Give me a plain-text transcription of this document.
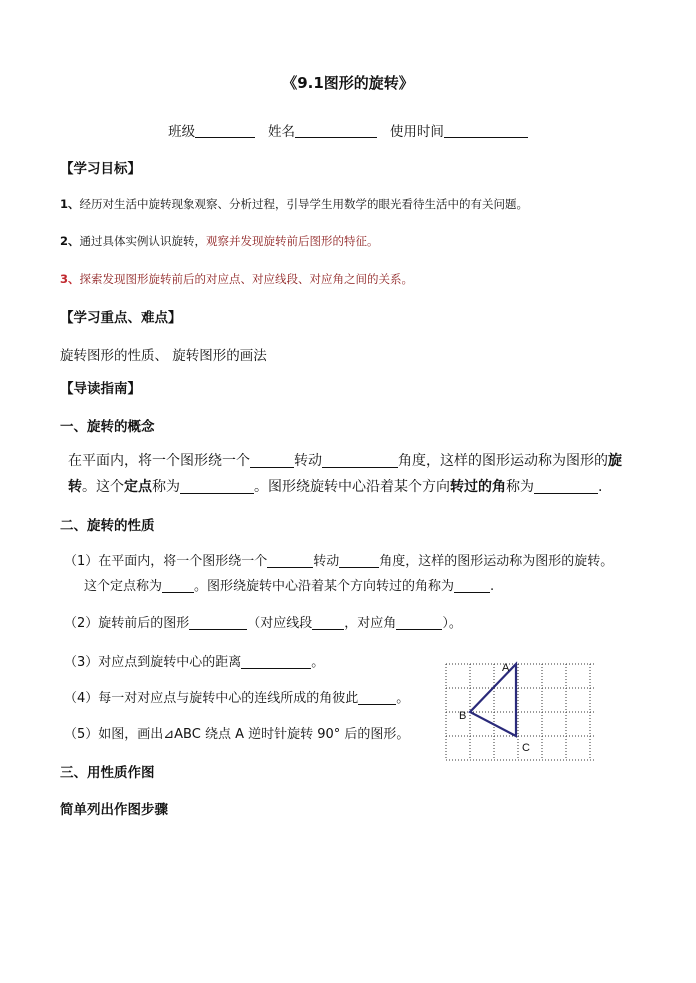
《9.1图形的旋转》
班级	姓名	使用时间
【学习目标】
1、经历对生活中旋转现象观察、分析过程，引导学生用数学的眼光看待生活中的有关问题。
2、通过具体实例认识旋转，观察并发现旋转前后图形的特征。
3、探索发现图形旋转前后的对应点、对应线段、对应角之间的关系。
【学习重点、难点】
旋转图形的性质、 旋转图形的画法
【导读指南】
一、旋转的概念
在平面内，将一个图形绕一个	转动	角度，这样的图形运动称为图形的旋
转。这个定点称为	。图形绕旋转中心沿着某个方向转过的角称为	.
二、旋转的性质
（1）在平面内，将一个图形绕一个	转动	角度，这样的图形运动称为图形的旋转。
这个定点称为 。图形绕旋转中心沿着某个方向转过的角称为	.
（2）旋转前后的图形	（对应线段 ，对应角	）。
（3）对应点到旋转中心的距离	。
（4）每一对对应点与旋转中心的连线所成的角彼此	。
（5）如图，画出⊿ABC 绕点 A 逆时针旋转 90° 后的图形。
A
B
C
三、用性质作图
简单列出作图步骤
